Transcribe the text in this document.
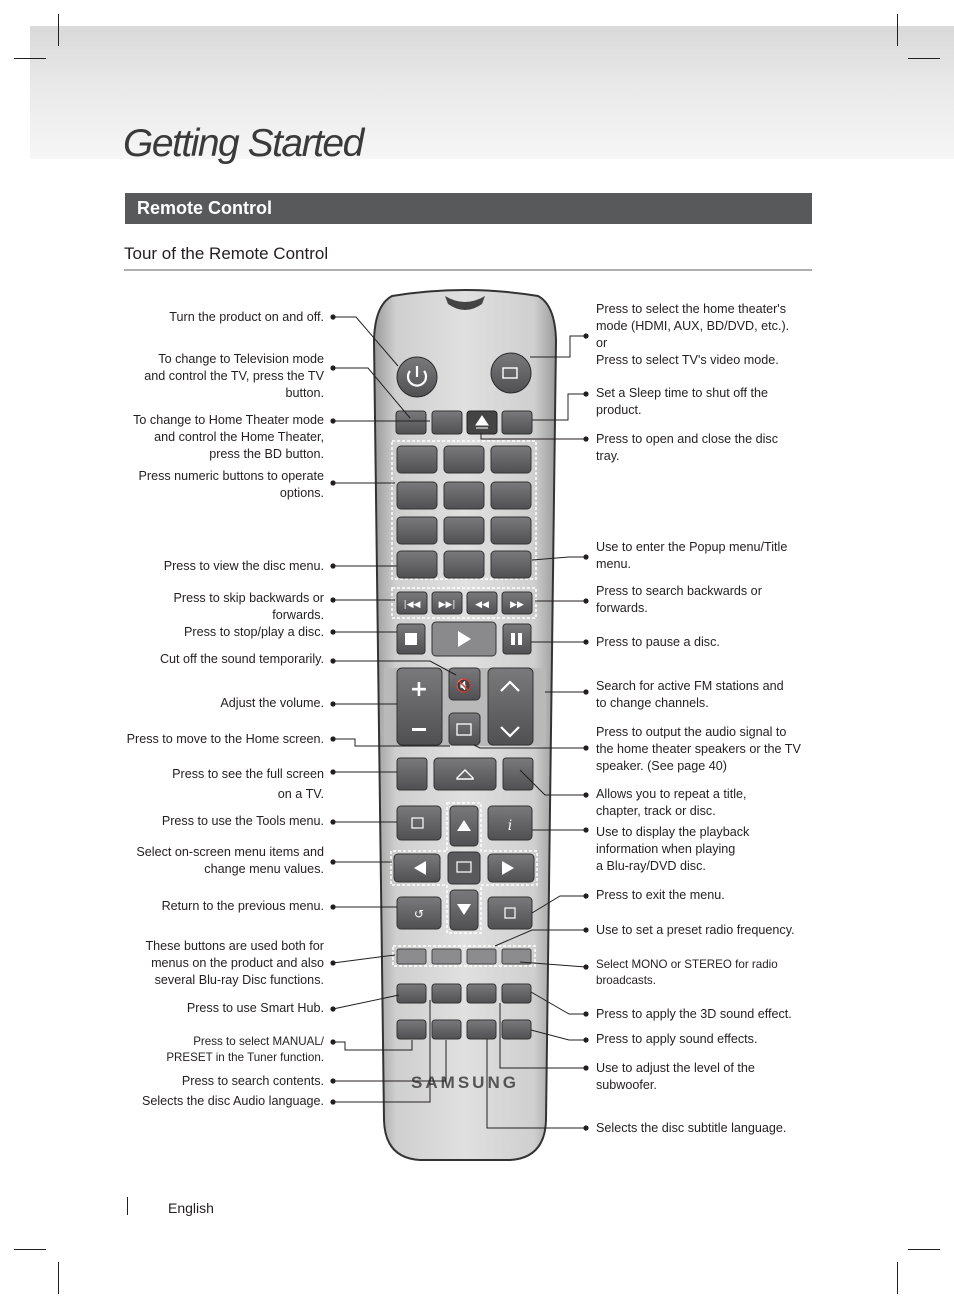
Getting Started
Remote Control
Tour of the Remote Control
|◀◀ ▶▶| ◀◀ ▶▶
+ 🔇
i
↺
SAMSUNG
Turn the product on and off.
To change to Television mode
and control the TV, press the TV
button.
To change to Home Theater mode
and control the Home Theater,
press the BD button.
Press numeric buttons to operate
options.
Press to view the disc menu.
Press to skip backwards or
forwards.
Press to stop/play a disc.
Cut off the sound temporarily.
Adjust the volume.
Press to move to the Home screen.
Press to see the full screen
on a TV.
Press to use the Tools menu.
Select on-screen menu items and
change menu values.
Return to the previous menu.
These buttons are used both for
menus on the product and also
several Blu-ray Disc functions.
Press to use Smart Hub.
Press to select MANUAL/
PRESET in the Tuner function.
Press to search contents.
Selects the disc Audio language.
Press to select the home theater's
mode (HDMI, AUX, BD/DVD, etc.).
or
Press to select TV's video mode.
Set a Sleep time to shut off the
product.
Press to open and close the disc
tray.
Use to enter the Popup menu/Title
menu.
Press to search backwards or
forwards.
Press to pause a disc.
Search for active FM stations and
to change channels.
Press to output the audio signal to
the home theater speakers or the TV
speaker. (See page 40)
Allows you to repeat a title,
chapter, track or disc.
Use to display the playback
information when playing
a Blu-ray/DVD disc.
Press to exit the menu.
Use to set a preset radio frequency.
Select MONO or STEREO for radio
broadcasts.
Press to apply the 3D sound effect.
Press to apply sound effects.
Use to adjust the level of the
subwoofer.
Selects the disc subtitle language.
English
